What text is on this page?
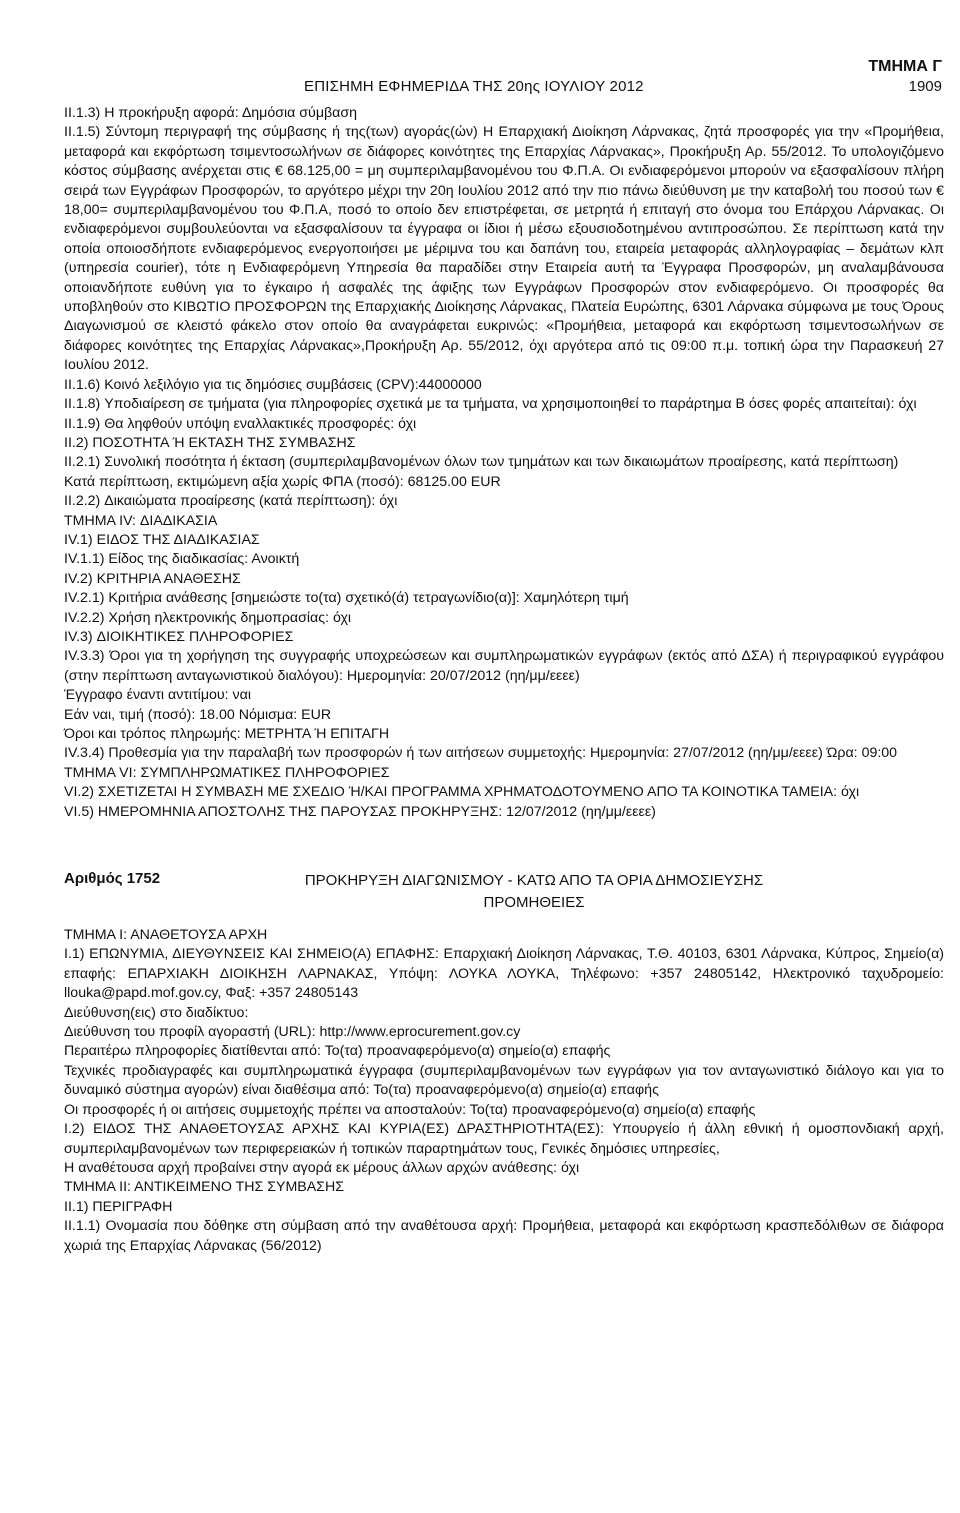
ΕΠΙΣΗΜΗ ΕΦΗΜΕΡΙΔΑ ΤΗΣ 20ης ΙΟΥΛΙΟΥ 2012
ΤΜΗΜΑ Γ
1909

II.1.3) Η προκήρυξη αφορά: Δημόσια σύμβαση

II.1.5) Σύντομη περιγραφή της σύμβασης ή της(των) αγοράς(ών) Η Επαρχιακή Διοίκηση Λάρνακας, ζητά προσφορές για την «Προμήθεια, μεταφορά και εκφόρτωση τσιμεντοσωλήνων σε διάφορες κοινότητες της Επαρχίας Λάρνακας», Προκήρυξη Αρ. 55/2012. Το υπολογιζόμενο κόστος σύμβασης ανέρχεται στις € 68.125,00 = μη συμπεριλαμβανομένου του Φ.Π.Α. Οι ενδιαφερόμενοι μπορούν να εξασφαλίσουν πλήρη σειρά των Εγγράφων Προσφορών, το αργότερο μέχρι την 20η Ιουλίου 2012 από την πιο πάνω διεύθυνση με την καταβολή του ποσού των € 18,00= συμπεριλαμβανομένου του Φ.Π.Α, ποσό το οποίο δεν επιστρέφεται, σε μετρητά ή επιταγή στο όνομα του Επάρχου Λάρνακας. Οι ενδιαφερόμενοι συμβουλεύονται να εξασφαλίσουν τα έγγραφα οι ίδιοι ή μέσω εξουσιοδοτημένου αντιπροσώπου. Σε περίπτωση κατά την οποία οποιοσδήποτε ενδιαφερόμενος ενεργοποιήσει με μέριμνα του και δαπάνη του, εταιρεία μεταφοράς αλληλογραφίας – δεμάτων κλπ (υπηρεσία courier), τότε η Ενδιαφερόμενη Υπηρεσία θα παραδίδει στην Εταιρεία αυτή τα Έγγραφα Προσφορών, μη αναλαμβάνουσα οποιανδήποτε ευθύνη για το έγκαιρο ή ασφαλές της άφιξης των Εγγράφων Προσφορών στον ενδιαφερόμενο. Οι προσφορές θα υποβληθούν στο ΚΙΒΩΤΙΟ ΠΡΟΣΦΟΡΩΝ της Επαρχιακής Διοίκησης Λάρνακας, Πλατεία Ευρώπης, 6301 Λάρνακα σύμφωνα με τους Όρους Διαγωνισμού σε κλειστό φάκελο στον οποίο θα αναγράφεται ευκρινώς: «Προμήθεια, μεταφορά και εκφόρτωση τσιμεντοσωλήνων σε διάφορες κοινότητες της Επαρχίας Λάρνακας»,Προκήρυξη Αρ. 55/2012, όχι αργότερα από τις 09:00 π.μ. τοπική ώρα την Παρασκευή 27 Ιουλίου 2012.

II.1.6) Κοινό λεξιλόγιο για τις δημόσιες συμβάσεις (CPV):44000000

II.1.8) Υποδιαίρεση σε τμήματα (για πληροφορίες σχετικά με τα τμήματα, να χρησιμοποιηθεί το παράρτημα Β όσες φορές απαιτείται): όχι

II.1.9) Θα ληφθούν υπόψη εναλλακτικές προσφορές: όχι

II.2) ΠΟΣΟΤΗΤΑ Ή ΕΚΤΑΣΗ ΤΗΣ ΣΥΜΒΑΣΗΣ

II.2.1) Συνολική ποσότητα ή έκταση (συμπεριλαμβανομένων όλων των τμημάτων και των δικαιωμάτων προαίρεσης, κατά περίπτωση)

Κατά περίπτωση, εκτιμώμενη αξία χωρίς ΦΠΑ (ποσό): 68125.00 EUR

II.2.2) Δικαιώματα προαίρεσης (κατά περίπτωση): όχι

ΤΜΗΜΑ IV: ΔΙΑΔΙΚΑΣΙΑ

IV.1) ΕΙΔΟΣ ΤΗΣ ΔΙΑΔΙΚΑΣΙΑΣ

IV.1.1) Είδος της διαδικασίας: Ανοικτή

IV.2) ΚΡΙΤΗΡΙΑ ΑΝΑΘΕΣΗΣ

IV.2.1) Κριτήρια ανάθεσης [σημειώστε το(τα) σχετικό(ά) τετραγωνίδιο(α)]: Χαμηλότερη τιμή

IV.2.2) Χρήση ηλεκτρονικής δημοπρασίας: όχι

IV.3) ΔΙΟΙΚΗΤΙΚΕΣ ΠΛΗΡΟΦΟΡΙΕΣ

IV.3.3) Όροι για τη χορήγηση της συγγραφής υποχρεώσεων και συμπληρωματικών εγγράφων (εκτός από ΔΣΑ) ή περιγραφικού εγγράφου (στην περίπτωση ανταγωνιστικού διαλόγου): Ημερομηνία: 20/07/2012 (ηη/μμ/εεεε)

Έγγραφο έναντι αντιτίμου: ναι

Εάν ναι, τιμή (ποσό): 18.00 Νόμισμα: EUR

Όροι και τρόπος πληρωμής: ΜΕΤΡΗΤΑ Ή ΕΠΙΤΑΓΗ

IV.3.4) Προθεσμία για την παραλαβή των προσφορών ή των αιτήσεων συμμετοχής: Ημερομηνία: 27/07/2012 (ηη/μμ/εεεε) Ώρα: 09:00

ΤΜΗΜΑ VI: ΣΥΜΠΛΗΡΩΜΑΤΙΚΕΣ ΠΛΗΡΟΦΟΡΙΕΣ

VI.2) ΣΧΕΤΙΖΕΤΑΙ Η ΣΥΜΒΑΣΗ ΜΕ ΣΧΕΔΙΟ Ή/ΚΑΙ ΠΡΟΓΡΑΜΜΑ ΧΡΗΜΑΤΟΔΟΤΟΥΜΕΝΟ ΑΠΟ ΤΑ ΚΟΙΝΟΤΙΚΑ ΤΑΜΕΙΑ: όχι

VI.5) ΗΜΕΡΟΜΗΝΙΑ ΑΠΟΣΤΟΛΗΣ ΤΗΣ ΠΑΡΟΥΣΑΣ ΠΡΟΚΗΡΥΞΗΣ: 12/07/2012 (ηη/μμ/εεεε)

Αριθμός 1752	ΠΡΟΚΗΡΥΞΗ ΔΙΑΓΩΝΙΣΜΟΥ - ΚΑΤΩ ΑΠΟ ΤΑ ΟΡΙΑ ΔΗΜΟΣΙΕΥΣΗΣ
ΠΡΟΜΗΘΕΙΕΣ

ΤΜΗΜΑ Ι: ΑΝΑΘΕΤΟΥΣΑ ΑΡΧΗ

Ι.1) ΕΠΩΝΥΜΙΑ, ΔΙΕΥΘΥΝΣΕΙΣ ΚΑΙ ΣΗΜΕΙΟ(Α) ΕΠΑΦΗΣ: Επαρχιακή Διοίκηση Λάρνακας, Τ.Θ. 40103, 6301 Λάρνακα, Κύπρος, Σημείο(α) επαφής: ΕΠΑΡΧΙΑΚΗ ΔΙΟΙΚΗΣΗ ΛΑΡΝΑΚΑΣ, Υπόψη: ΛΟΥΚΑ ΛΟΥΚΑ, Τηλέφωνο: +357 24805142, Ηλεκτρονικό ταχυδρομείο: lloukа@papd.mof.gov.cy, Φαξ: +357 24805143

Διεύθυνση(εις) στο διαδίκτυο:

Διεύθυνση του προφίλ αγοραστή (URL): http://www.eprocurement.gov.cy

Περαιτέρω πληροφορίες διατίθενται από: Το(τα) προαναφερόμενο(α) σημείο(α) επαφής

Τεχνικές προδιαγραφές και συμπληρωματικά έγγραφα (συμπεριλαμβανομένων των εγγράφων για τον ανταγωνιστικό διάλογο και για το δυναμικό σύστημα αγορών) είναι διαθέσιμα από: Το(τα) προαναφερόμενο(α) σημείο(α) επαφής

Οι προσφορές ή οι αιτήσεις συμμετοχής πρέπει να αποσταλούν: Το(τα) προαναφερόμενο(α) σημείο(α) επαφής

Ι.2) ΕΙΔΟΣ ΤΗΣ ΑΝΑΘΕΤΟΥΣΑΣ ΑΡΧΗΣ ΚΑΙ ΚΥΡΙΑ(ΕΣ) ΔΡΑΣΤΗΡΙΟΤΗΤΑ(ΕΣ): Υπουργείο ή άλλη εθνική ή ομοσπονδιακή αρχή, συμπεριλαμβανομένων των περιφερειακών ή τοπικών παραρτημάτων τους, Γενικές δημόσιες υπηρεσίες,

Η αναθέτουσα αρχή προβαίνει στην αγορά εκ μέρους άλλων αρχών ανάθεσης: όχι

ΤΜΗΜΑ ΙΙ: ΑΝΤΙΚΕΙΜΕΝΟ ΤΗΣ ΣΥΜΒΑΣΗΣ

ΙΙ.1) ΠΕΡΙΓΡΑΦΗ

ΙΙ.1.1) Ονομασία που δόθηκε στη σύμβαση από την αναθέτουσα αρχή: Προμήθεια, μεταφορά και εκφόρτωση κρασπεδόλιθων σε διάφορα χωριά της Επαρχίας Λάρνακας (56/2012)
